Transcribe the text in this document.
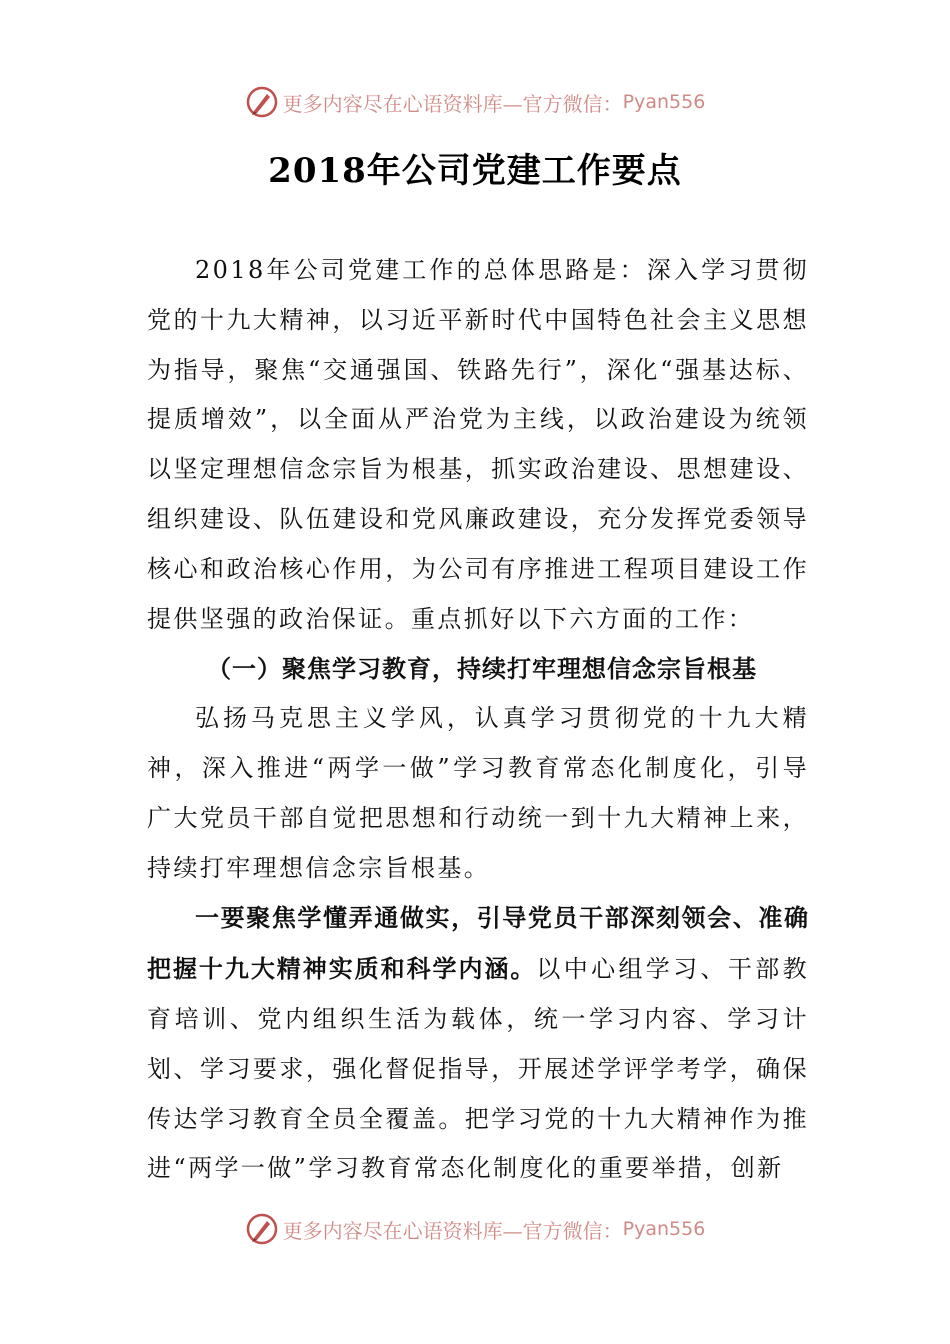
更多内容尽在心语资料库—官方微信： Pyan556
2018年公司党建工作要点

2018年公司党建工作的总体思路是：深入学习贯彻党的十九大精神，以习近平新时代中国特色社会主义思想为指导，聚焦“交通强国、铁路先行”，深化“强基达标、提质增效”，以全面从严治党为主线，以政治建设为统领以坚定理想信念宗旨为根基，抓实政治建设、思想建设、组织建设、队伍建设和党风廉政建设，充分发挥党委领导核心和政治核心作用，为公司有序推进工程项目建设工作提供坚强的政治保证。重点抓好以下六方面的工作：

（一）聚焦学习教育，持续打牢理想信念宗旨根基

弘扬马克思主义学风，认真学习贯彻党的十九大精神，深入推进“两学一做”学习教育常态化制度化，引导广大党员干部自觉把思想和行动统一到十九大精神上来，持续打牢理想信念宗旨根基。

一要聚焦学懂弄通做实，引导党员干部深刻领会、准确把握十九大精神实质和科学内涵。以中心组学习、干部教育培训、党内组织生活为载体，统一学习内容、学习计划、学习要求，强化督促指导，开展述学评学考学，确保传达学习教育全员全覆盖。把学习党的十九大精神作为推进“两学一做”学习教育常态化制度化的重要举措，创新

更多内容尽在心语资料库—官方微信： Pyan556
